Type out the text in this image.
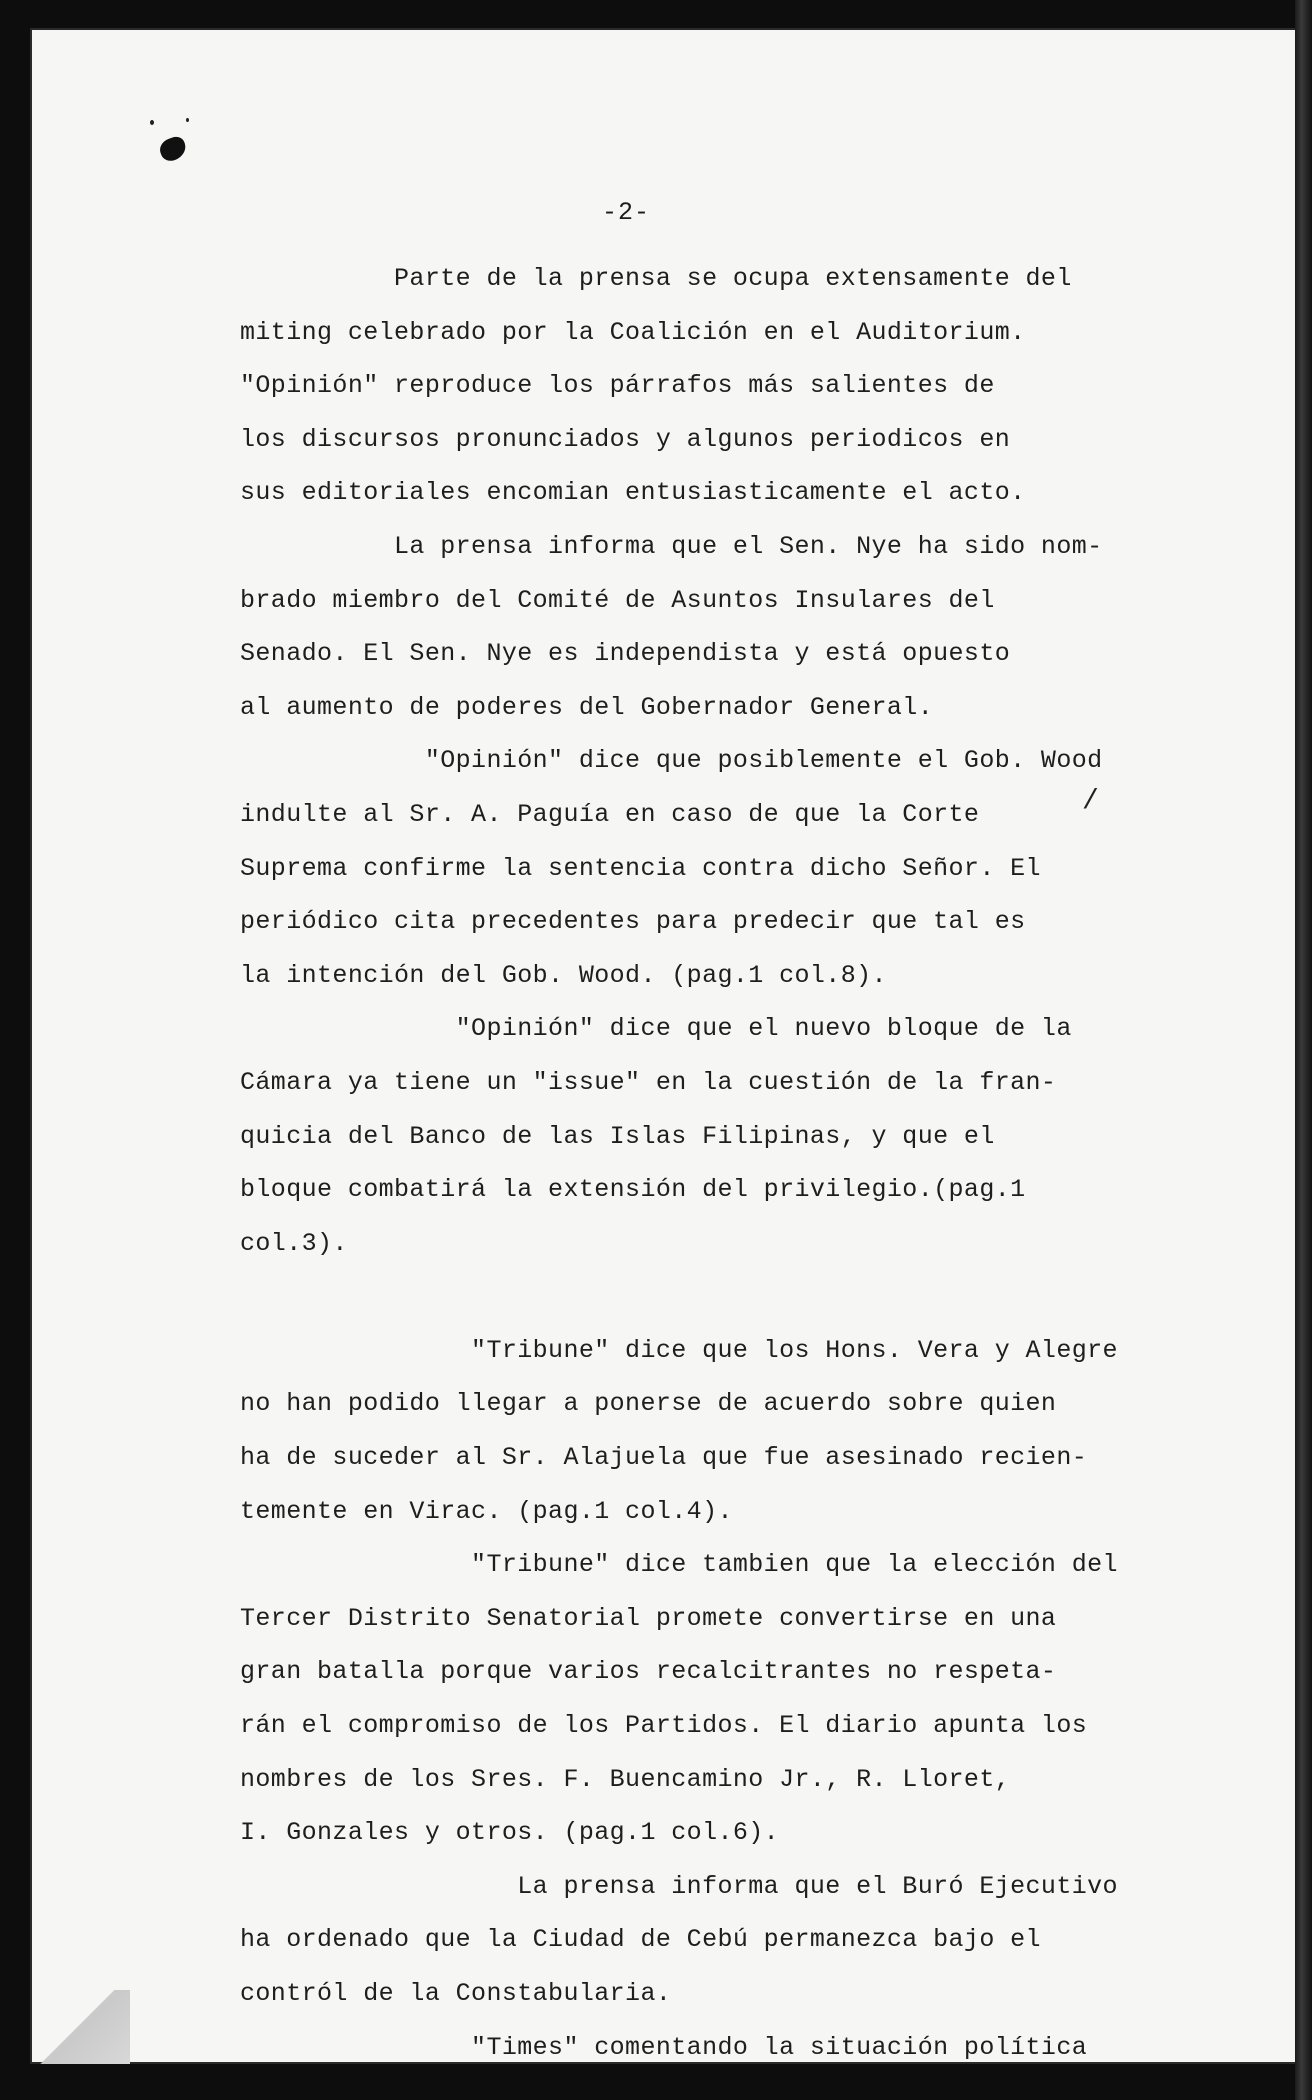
-2-
Parte de la prensa se ocupa extensamente del
miting celebrado por la Coalición en el Auditorium.
"Opinión" reproduce los párrafos más salientes de
los discursos pronunciados y algunos periodicos en
sus editoriales encomian entusiasticamente el acto.
La prensa informa que el Sen. Nye ha sido nom-
brado miembro del Comité de Asuntos Insulares del
Senado. El Sen. Nye es independista y está opuesto
al aumento de poderes del Gobernador General.
"Opinión" dice que posiblemente el Gob. Wood
indulte al Sr. A. Paguía en caso de que la Corte
Suprema confirme la sentencia contra dicho Señor. El
periódico cita precedentes para predecir que tal es
la intención del Gob. Wood. (pag.1 col.8).
"Opinión" dice que el nuevo bloque de la
Cámara ya tiene un "issue" en la cuestión de la fran-
quicia del Banco de las Islas Filipinas, y que el
bloque combatirá la extensión del privilegio.(pag.1
col.3).
"Tribune" dice que los Hons. Vera y Alegre
no han podido llegar a ponerse de acuerdo sobre quien
ha de suceder al Sr. Alajuela que fue asesinado recien-
temente en Virac. (pag.1 col.4).
"Tribune" dice tambien que la elección del
Tercer Distrito Senatorial promete convertirse en una
gran batalla porque varios recalcitrantes no respeta-
rán el compromiso de los Partidos. El diario apunta los
nombres de los Sres. F. Buencamino Jr., R. Lloret,
I. Gonzales y otros. (pag.1 col.6).
La prensa informa que el Buró Ejecutivo
ha ordenado que la Ciudad de Cebú permanezca bajo el
contról de la Constabularia.
"Times" comentando la situación política
/
